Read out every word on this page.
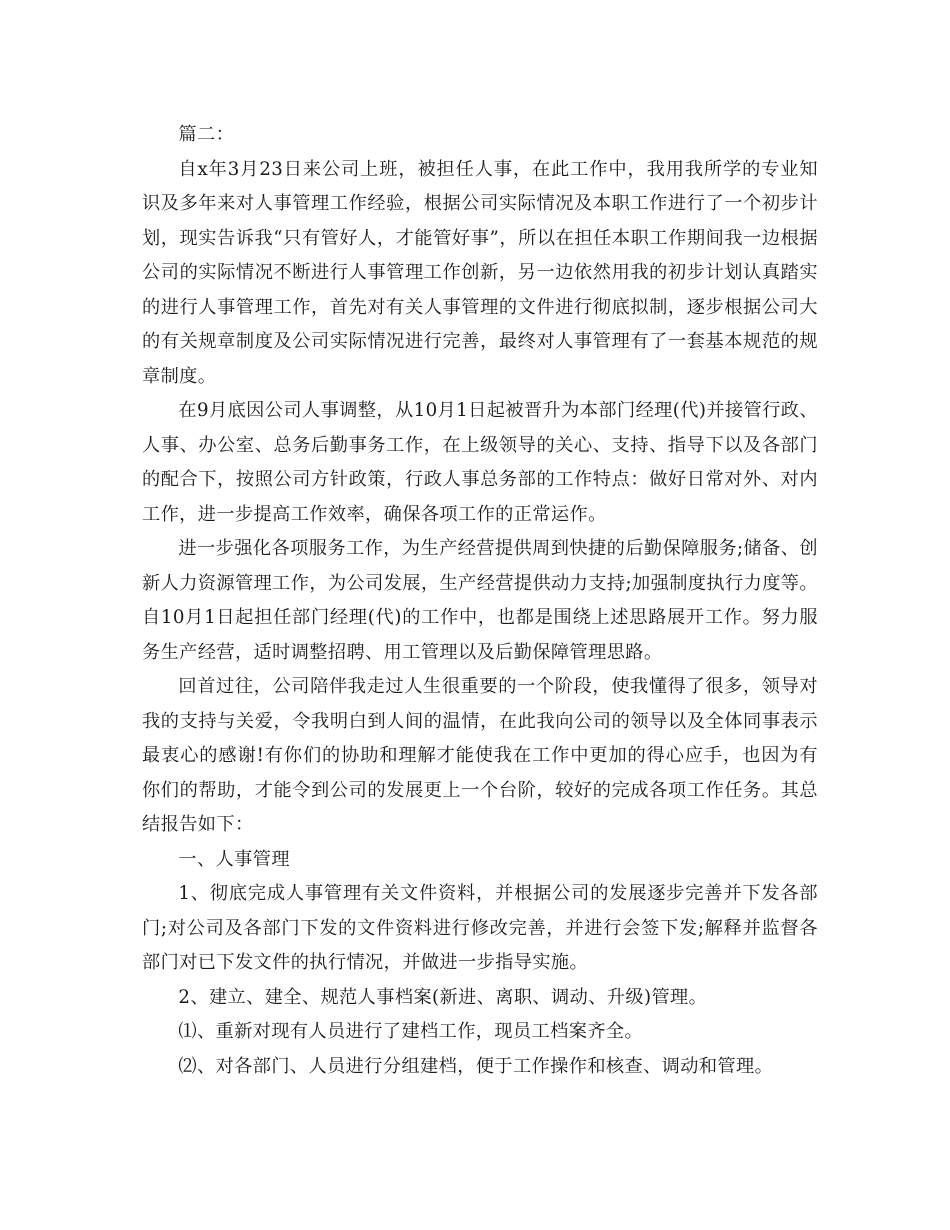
篇二：

自x年3月23日来公司上班，被担任人事，在此工作中，我用我所学的专业知识及多年来对人事管理工作经验，根据公司实际情况及本职工作进行了一个初步计划，现实告诉我“只有管好人，才能管好事”，所以在担任本职工作期间我一边根据公司的实际情况不断进行人事管理工作创新，另一边依然用我的初步计划认真踏实的进行人事管理工作，首先对有关人事管理的文件进行彻底拟制，逐步根据公司大的有关规章制度及公司实际情况进行完善，最终对人事管理有了一套基本规范的规章制度。

在9月底因公司人事调整，从10月1日起被晋升为本部门经理(代)并接管行政、人事、办公室、总务后勤事务工作，在上级领导的关心、支持、指导下以及各部门的配合下，按照公司方针政策，行政人事总务部的工作特点：做好日常对外、对内工作，进一步提高工作效率，确保各项工作的正常运作。

进一步强化各项服务工作，为生产经营提供周到快捷的后勤保障服务;储备、创新人力资源管理工作，为公司发展，生产经营提供动力支持;加强制度执行力度等。自10月1日起担任部门经理(代)的工作中，也都是围绕上述思路展开工作。努力服务生产经营，适时调整招聘、用工管理以及后勤保障管理思路。

回首过往，公司陪伴我走过人生很重要的一个阶段，使我懂得了很多，领导对我的支持与关爱，令我明白到人间的温情，在此我向公司的领导以及全体同事表示最衷心的感谢!有你们的协助和理解才能使我在工作中更加的得心应手，也因为有你们的帮助，才能令到公司的发展更上一个台阶，较好的完成各项工作任务。其总结报告如下：

一、人事管理

1、彻底完成人事管理有关文件资料，并根据公司的发展逐步完善并下发各部门;对公司及各部门下发的文件资料进行修改完善，并进行会签下发;解释并监督各部门对已下发文件的执行情况，并做进一步指导实施。

2、建立、建全、规范人事档案(新进、离职、调动、升级)管理。

⑴、重新对现有人员进行了建档工作，现员工档案齐全。

⑵、对各部门、人员进行分组建档，便于工作操作和核查、调动和管理。
